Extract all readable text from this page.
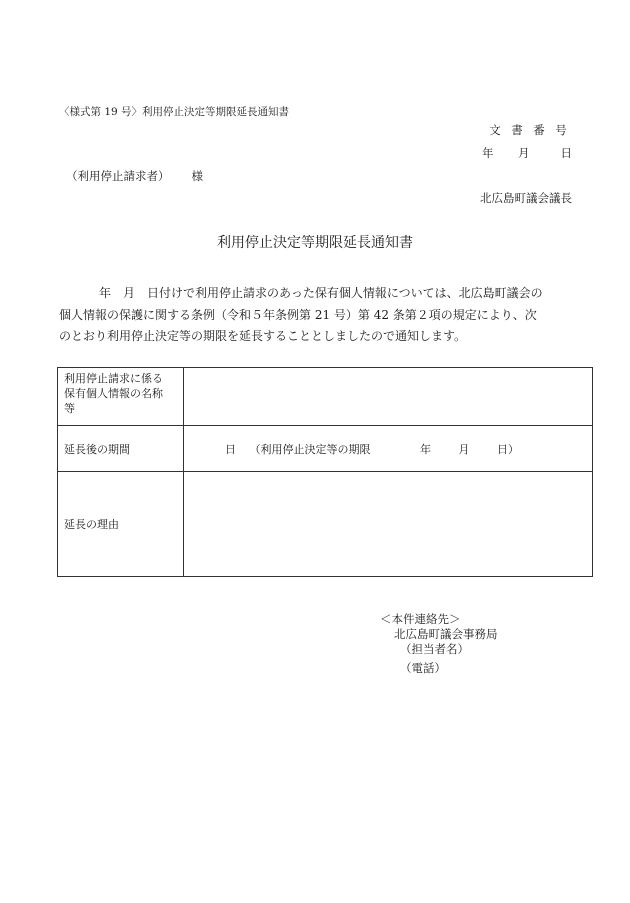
〈様式第 19 号〉利用停止決定等期限延長通知書
文 書 番 号
年 月	日
（利用停止請求者） 様
北広島町議会議長
利用停止決定等期限延長通知書
年　月　日付けで利用停止請求のあった保有個人情報については、北広島町議会の
個人情報の保護に関する条例（令和５年条例第 21 号）第 42 条第２項の規定により、次
のとおり利用停止決定等の期限を延長することとしましたので通知します。
利用停止請求に係る
保有個人情報の名称
等	

延長後の期間	日 （利用停止決定等の期限 年 月 日）

延長の理由	
＜本件連絡先＞
北広島町議会事務局
（担当者名）
（電話）
